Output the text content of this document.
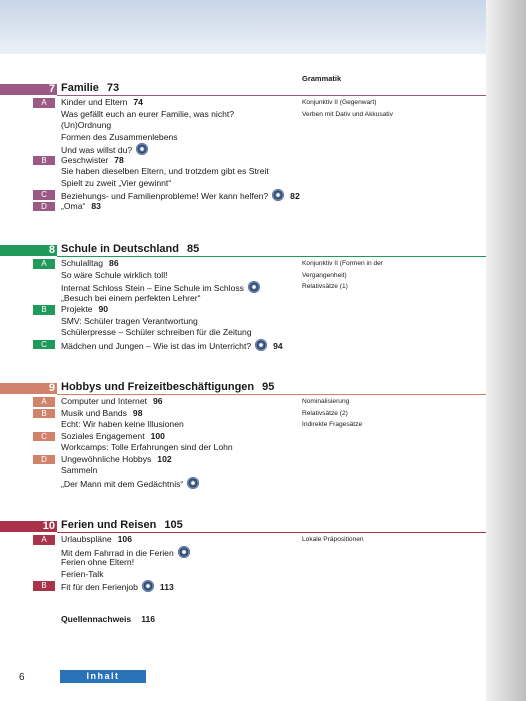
Grammatik
7 Familie 73
A	Kinder und Eltern 74	Konjunktiv II (Gegenwart)
Was gefällt euch an eurer Familie, was nicht?	Verben mit Dativ und Akkusativ
(Un)Ordnung
Formen des Zusammenlebens
Und was willst du?
B	Geschwister 78
Sie haben dieselben Eltern, und trotzdem gibt es Streit
Spielt zu zweit „Vier gewinnt“
C	Beziehungs- und Familienprobleme! Wer kann helfen?	82
D	„Oma“ 83
8 Schule in Deutschland 85
A	Schulalltag 86	Konjunktiv II (Formen in der
So wäre Schule wirklich toll!	Vergangenheit)
Internat Schloss Stein – Eine Schule im Schloss	Relativsätze (1)
„Besuch bei einem perfekten Lehrer“
B	Projekte 90
SMV: Schüler tragen Verantwortung
Schülerpresse – Schüler schreiben für die Zeitung
C	Mädchen und Jungen – Wie ist das im Unterricht?	94
9 Hobbys und Freizeitbeschäftigungen 95
A	Computer und Internet 96	Nominalisierung
B	Musik und Bands 98	Relativsätze (2)
Echt: Wir haben keine Illusionen	Indirekte Fragesätze
C	Soziales Engagement 100
Workcamps: Tolle Erfahrungen sind der Lohn
D	Ungewöhnliche Hobbys 102
Sammeln
„Der Mann mit dem Gedächtnis“
10 Ferien und Reisen 105
A	Urlaubspläne 106	Lokale Präpositionen
Mit dem Fahrrad in die Ferien
Ferien ohne Eltern!
Ferien-Talk
B	Fit für den Ferienjob	113
Quellennachweis 116
6	Inhalt
